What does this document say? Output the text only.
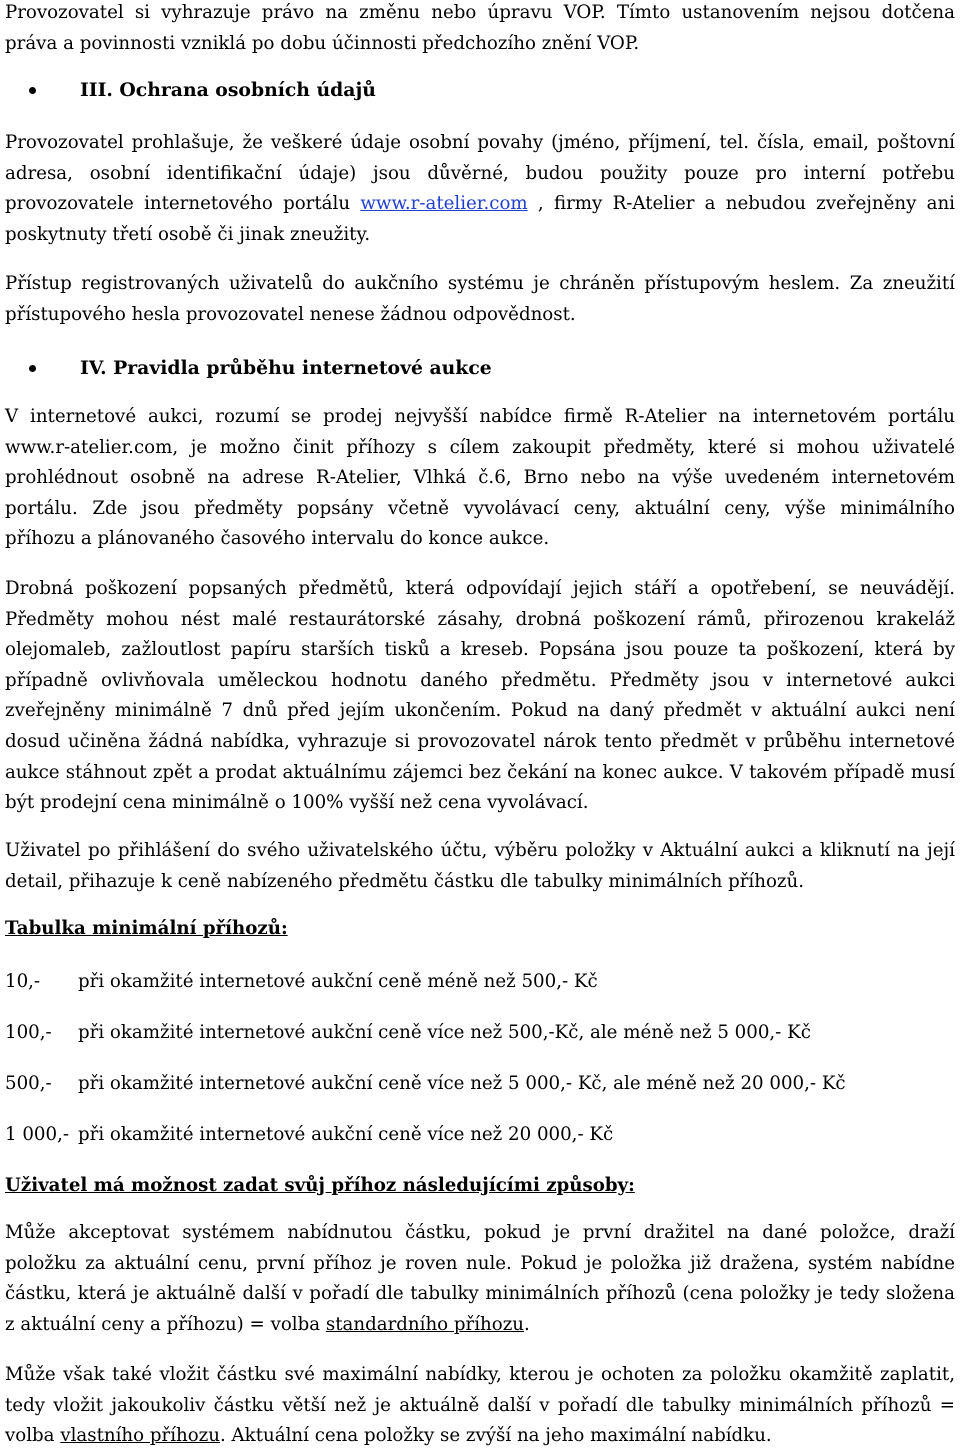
Provozovatel si vyhrazuje právo na změnu nebo úpravu VOP. Tímto ustanovením nejsou dotčena

práva a povinnosti vzniklá po dobu účinnosti předchozího znění VOP.

III. Ochrana osobních údajů

Provozovatel prohlašuje, že veškeré údaje osobní povahy (jméno, příjmení, tel. čísla, email, poštovní

adresa, osobní identifikační údaje) jsou důvěrné, budou použity pouze pro interní potřebu

provozovatele internetového portálu www.r-atelier.com , firmy R-Atelier a nebudou zveřejněny ani

poskytnuty třetí osobě či jinak zneužity.

Přístup registrovaných uživatelů do aukčního systému je chráněn přístupovým heslem. Za zneužití

přístupového hesla provozovatel nenese žádnou odpovědnost.

IV. Pravidla průběhu internetové aukce

V internetové aukci, rozumí se prodej nejvyšší nabídce firmě R-Atelier na internetovém portálu

www.r-atelier.com, je možno činit příhozy s cílem zakoupit předměty, které si mohou uživatelé

prohlédnout osobně na adrese R-Atelier, Vlhká č.6, Brno nebo na výše uvedeném internetovém

portálu. Zde jsou předměty popsány včetně vyvolávací ceny, aktuální ceny, výše minimálního

příhozu a plánovaného časového intervalu do konce aukce.

Drobná poškození popsaných předmětů, která odpovídají jejich stáří a opotřebení, se neuvádějí.

Předměty mohou nést malé restaurátorské zásahy, drobná poškození rámů, přirozenou krakeláž

olejomaleb, zažloutlost papíru starších tisků a kreseb. Popsána jsou pouze ta poškození, která by

případně ovlivňovala uměleckou hodnotu daného předmětu. Předměty jsou v internetové aukci

zveřejněny minimálně 7 dnů před jejím ukončením. Pokud na daný předmět v aktuální aukci není

dosud učiněna žádná nabídka, vyhrazuje si provozovatel nárok tento předmět v průběhu internetové

aukce stáhnout zpět a prodat aktuálnímu zájemci bez čekání na konec aukce. V takovém případě musí

být prodejní cena minimálně o 100% vyšší než cena vyvolávací.

Uživatel po přihlášení do svého uživatelského účtu, výběru položky v Aktuální aukci a kliknutí na její

detail, přihazuje k ceně nabízeného předmětu částku dle tabulky minimálních příhozů.

Tabulka minimální příhozů:
10,- při okamžité internetové aukční ceně méně než 500,- Kč
100,- při okamžité internetové aukční ceně více než 500,-Kč, ale méně než 5 000,- Kč
500,- při okamžité internetové aukční ceně více než 5 000,- Kč, ale méně než 20 000,- Kč
1 000,- při okamžité internetové aukční ceně více než 20 000,- Kč
Uživatel má možnost zadat svůj příhoz následujícími způsoby:

Může akceptovat systémem nabídnutou částku, pokud je první dražitel na dané položce, draží

položku za aktuální cenu, první příhoz je roven nule. Pokud je položka již dražena, systém nabídne

částku, která je aktuálně další v pořadí dle tabulky minimálních příhozů (cena položky je tedy složena

z aktuální ceny a příhozu) = volba standardního příhozu.

Může však také vložit částku své maximální nabídky, kterou je ochoten za položku okamžitě zaplatit,

tedy vložit jakoukoliv částku větší než je aktuálně další v pořadí dle tabulky minimálních příhozů =

volba vlastního příhozu. Aktuální cena položky se zvýší na jeho maximální nabídku.
